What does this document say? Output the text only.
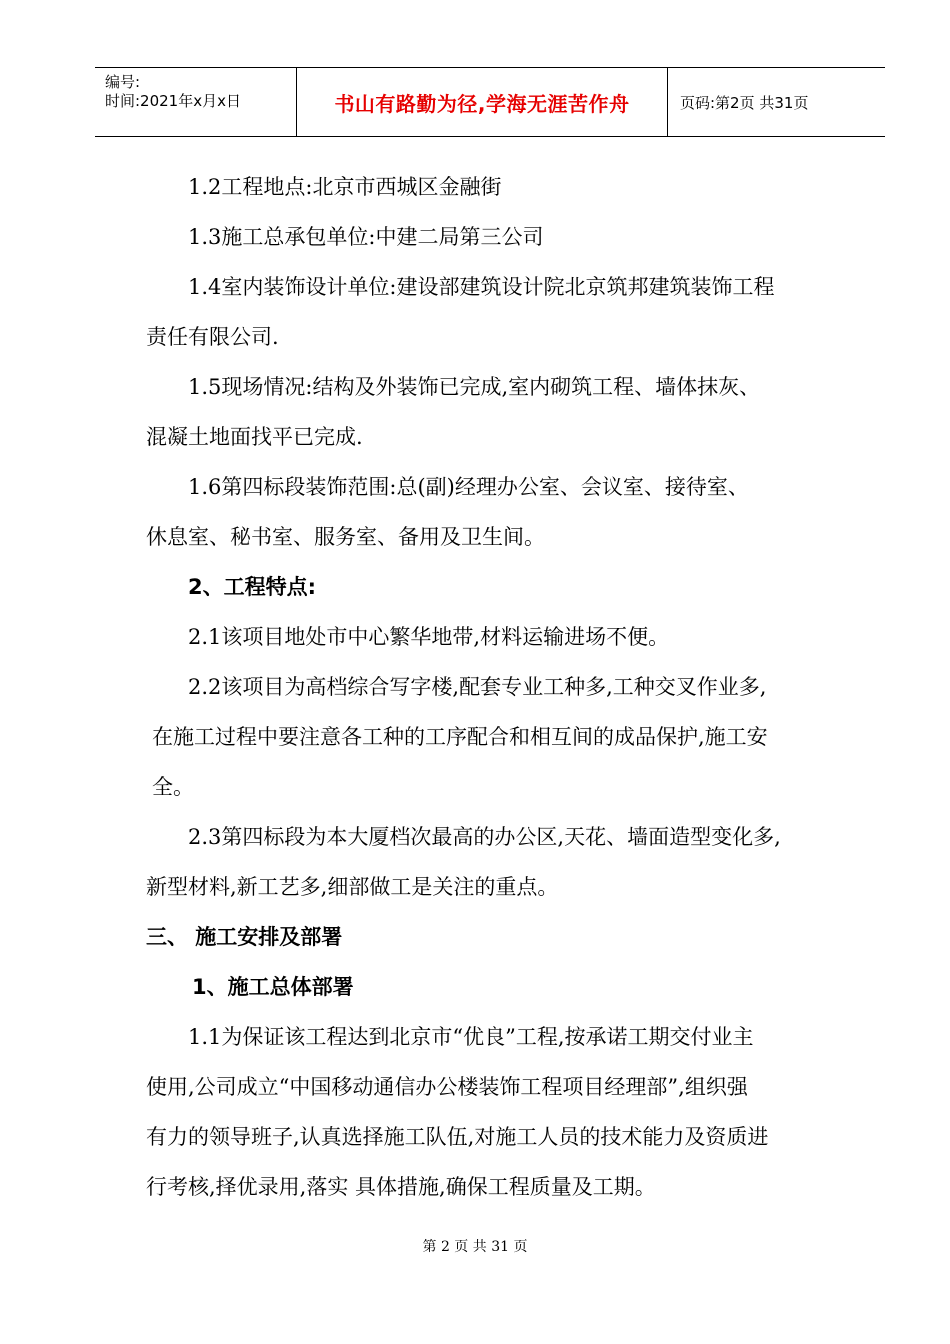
编号:
时间:2021年x月x日	书山有路勤为径,学海无涯苦作舟	页码:第2页 共31页
1.2工程地点:北京市西城区金融街
1.3施工总承包单位:中建二局第三公司
1.4室内装饰设计单位:建设部建筑设计院北京筑邦建筑装饰工程
责任有限公司.
1.5现场情况:结构及外装饰已完成,室内砌筑工程、墙体抹灰、
混凝土地面找平已完成.
1.6第四标段装饰范围:总(副)经理办公室、会议室、接待室、
休息室、秘书室、服务室、备用及卫生间。
2、工程特点:
2.1该项目地处市中心繁华地带,材料运输进场不便。
2.2该项目为高档综合写字楼,配套专业工种多,工种交叉作业多,
在施工过程中要注意各工种的工序配合和相互间的成品保护,施工安
全。
2.3第四标段为本大厦档次最高的办公区,天花、墙面造型变化多,
新型材料,新工艺多,细部做工是关注的重点。
三、 施工安排及部署
1、施工总体部署
1.1为保证该工程达到北京市“优良”工程,按承诺工期交付业主
使用,公司成立“中国移动通信办公楼装饰工程项目经理部”,组织强
有力的领导班子,认真选择施工队伍,对施工人员的技术能力及资质进
行考核,择优录用,落实 具体措施,确保工程质量及工期。
第 2 页 共 31 页
